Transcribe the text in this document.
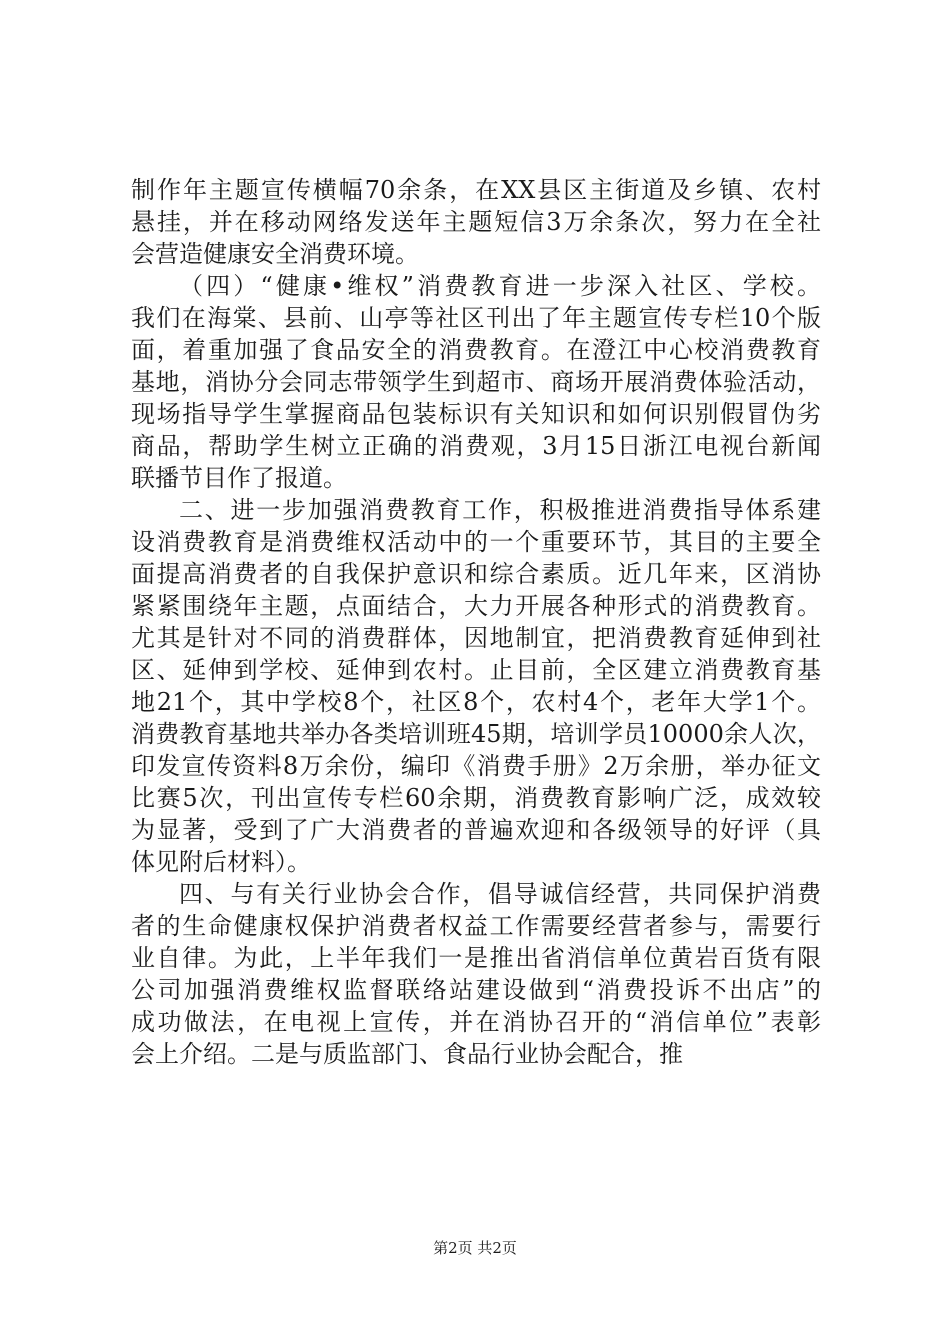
制作年主题宣传横幅70余条，在XX县区主街道及乡镇、农村
悬挂，并在移动网络发送年主题短信3万余条次，努力在全社
会营造健康安全消费环境。
（四）“健康•维权”消费教育进一步深入社区、学校。
我们在海棠、县前、山亭等社区刊出了年主题宣传专栏10个版
面，着重加强了食品安全的消费教育。在澄江中心校消费教育
基地，消协分会同志带领学生到超市、商场开展消费体验活动，
现场指导学生掌握商品包装标识有关知识和如何识别假冒伪劣
商品，帮助学生树立正确的消费观，3月15日浙江电视台新闻
联播节目作了报道。
二、进一步加强消费教育工作，积极推进消费指导体系建
设消费教育是消费维权活动中的一个重要环节，其目的主要全
面提高消费者的自我保护意识和综合素质。近几年来，区消协
紧紧围绕年主题，点面结合，大力开展各种形式的消费教育。
尤其是针对不同的消费群体，因地制宜，把消费教育延伸到社
区、延伸到学校、延伸到农村。止目前，全区建立消费教育基
地21个，其中学校8个，社区8个，农村4个，老年大学1个。
消费教育基地共举办各类培训班45期，培训学员10000余人次，
印发宣传资料8万余份，编印《消费手册》2万余册，举办征文
比赛5次，刊出宣传专栏60余期，消费教育影响广泛，成效较
为显著，受到了广大消费者的普遍欢迎和各级领导的好评（具
体见附后材料）。
四、与有关行业协会合作，倡导诚信经营，共同保护消费
者的生命健康权保护消费者权益工作需要经营者参与，需要行
业自律。为此，上半年我们一是推出省消信单位黄岩百货有限
公司加强消费维权监督联络站建设做到“消费投诉不出店”的
成功做法，在电视上宣传，并在消协召开的“消信单位”表彰
会上介绍。二是与质监部门、食品行业协会配合，推
第2页 共2页
